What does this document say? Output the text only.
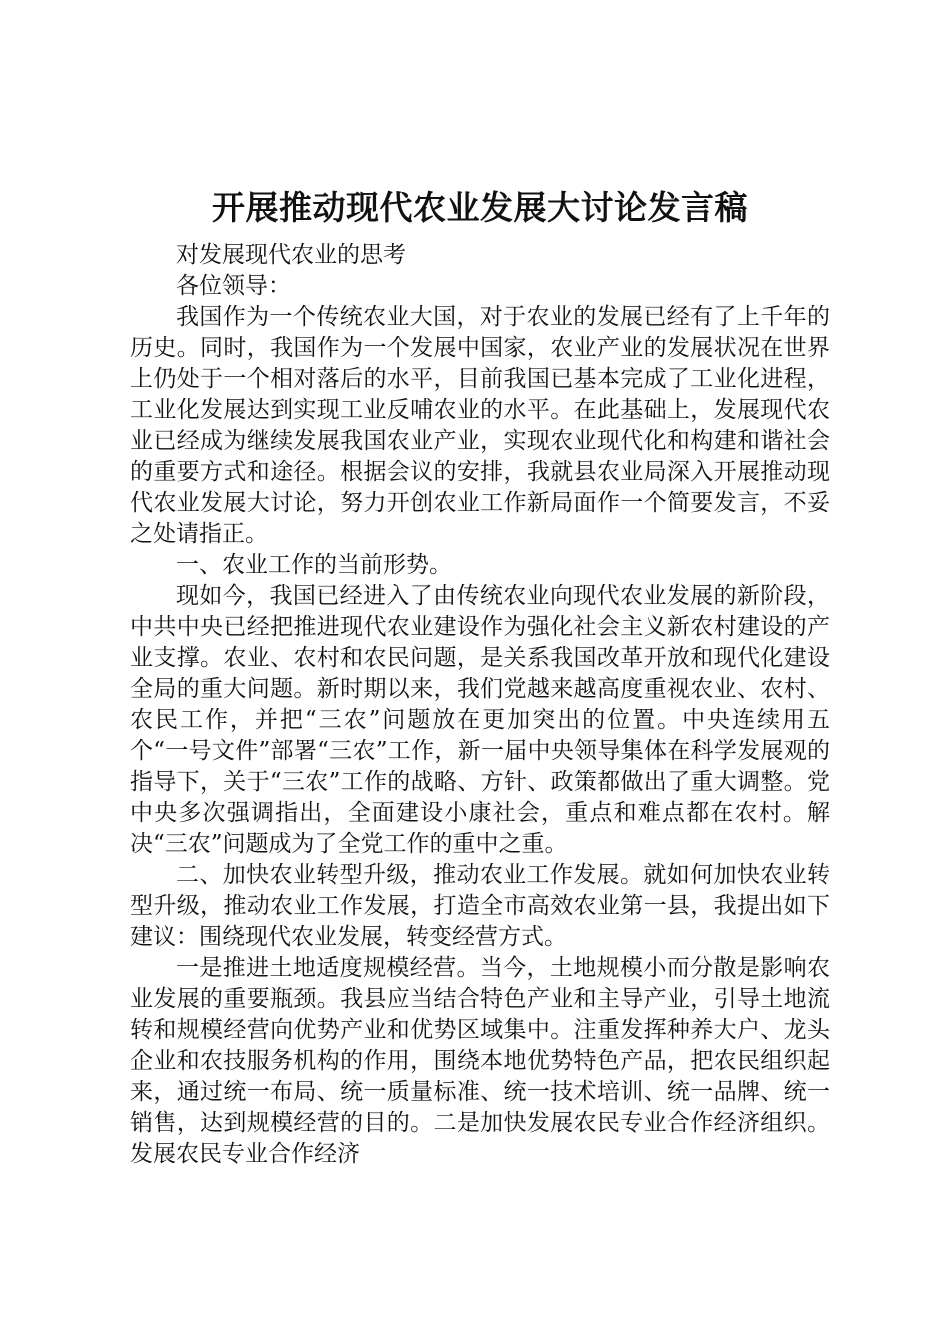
开展推动现代农业发展大讨论发言稿

对发展现代农业的思考

各位领导：

我国作为一个传统农业大国，对于农业的发展已经有了上千年的历史。同时，我国作为一个发展中国家，农业产业的发展状况在世界上仍处于一个相对落后的水平，目前我国已基本完成了工业化进程，工业化发展达到实现工业反哺农业的水平。在此基础上，发展现代农业已经成为继续发展我国农业产业，实现农业现代化和构建和谐社会的重要方式和途径。根据会议的安排，我就县农业局深入开展推动现代农业发展大讨论，努力开创农业工作新局面作一个简要发言，不妥之处请指正。

一、农业工作的当前形势。

现如今，我国已经进入了由传统农业向现代农业发展的新阶段，中共中央已经把推进现代农业建设作为强化社会主义新农村建设的产业支撑。农业、农村和农民问题，是关系我国改革开放和现代化建设全局的重大问题。新时期以来，我们党越来越高度重视农业、农村、农民工作，并把“三农”问题放在更加突出的位置。中央连续用五个“一号文件”部署“三农”工作，新一届中央领导集体在科学发展观的指导下，关于“三农”工作的战略、方针、政策都做出了重大调整。党中央多次强调指出，全面建设小康社会，重点和难点都在农村。解决“三农”问题成为了全党工作的重中之重。

二、加快农业转型升级，推动农业工作发展。就如何加快农业转型升级，推动农业工作发展，打造全市高效农业第一县，我提出如下建议：围绕现代农业发展，转变经营方式。

一是推进土地适度规模经营。当今，土地规模小而分散是影响农业发展的重要瓶颈。我县应当结合特色产业和主导产业，引导土地流转和规模经营向优势产业和优势区域集中。注重发挥种养大户、龙头企业和农技服务机构的作用，围绕本地优势特色产品，把农民组织起来，通过统一布局、统一质量标准、统一技术培训、统一品牌、统一销售，达到规模经营的目的。二是加快发展农民专业合作经济组织。发展农民专业合作经济
